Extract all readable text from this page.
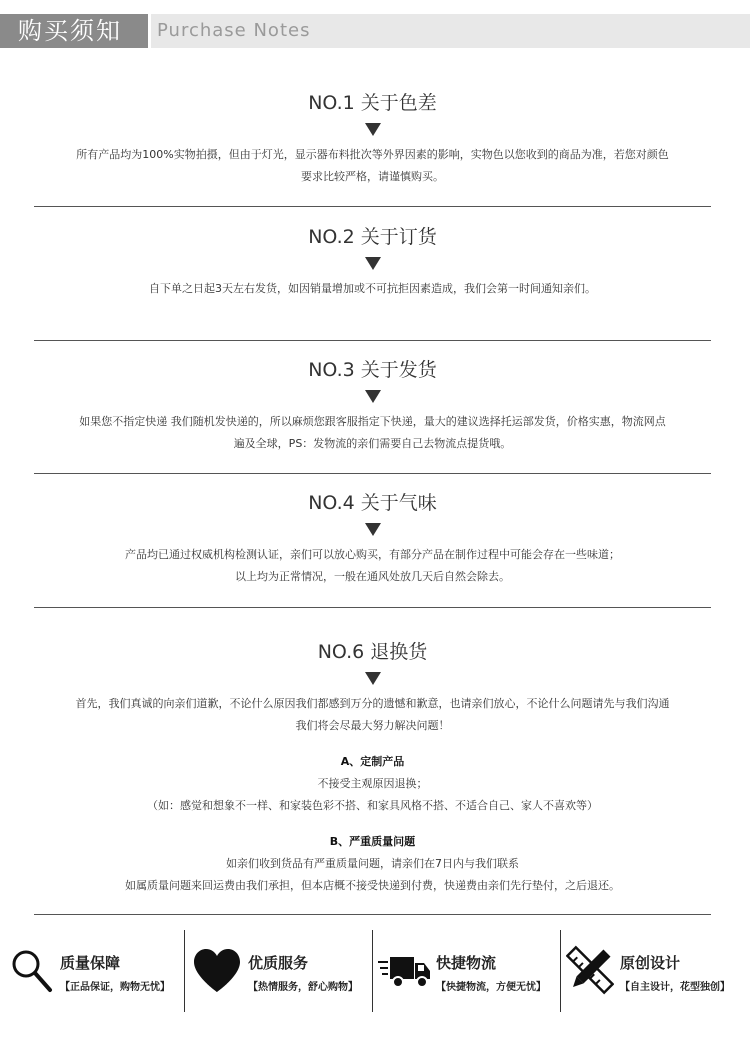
购买须知	Purchase Notes
NO.1 关于色差
所有产品均为100%实物拍摄，但由于灯光，显示器布料批次等外界因素的影响，实物色以您收到的商品为准，若您对颜色
要求比较严格，请谨慎购买。
NO.2 关于订货
自下单之日起3天左右发货，如因销量增加或不可抗拒因素造成，我们会第一时间通知亲们。
NO.3 关于发货
如果您不指定快递 我们随机发快递的，所以麻烦您跟客服指定下快递，量大的建议选择托运部发货，价格实惠，物流网点
遍及全球，PS：发物流的亲们需要自己去物流点提货哦。
NO.4 关于气味
产品均已通过权威机构检测认证，亲们可以放心购买，有部分产品在制作过程中可能会存在一些味道；
以上均为正常情况，一般在通风处放几天后自然会除去。
NO.6 退换货
首先，我们真诚的向亲们道歉，不论什么原因我们都感到万分的遗憾和歉意，也请亲们放心，不论什么问题请先与我们沟通
我们将会尽最大努力解决问题！
A、定制产品
不接受主观原因退换；
（如：感觉和想象不一样、和家装色彩不搭、和家具风格不搭、不适合自己、家人不喜欢等）
B、严重质量问题
如亲们收到货品有严重质量问题，请亲们在7日内与我们联系
如属质量问题来回运费由我们承担，但本店概不接受快递到付费，快递费由亲们先行垫付，之后退还。
质量保障
【正品保证，购物无忧】
优质服务
【热情服务，舒心购物】
快捷物流
【快捷物流，方便无忧】
原创设计
【自主设计，花型独创】
